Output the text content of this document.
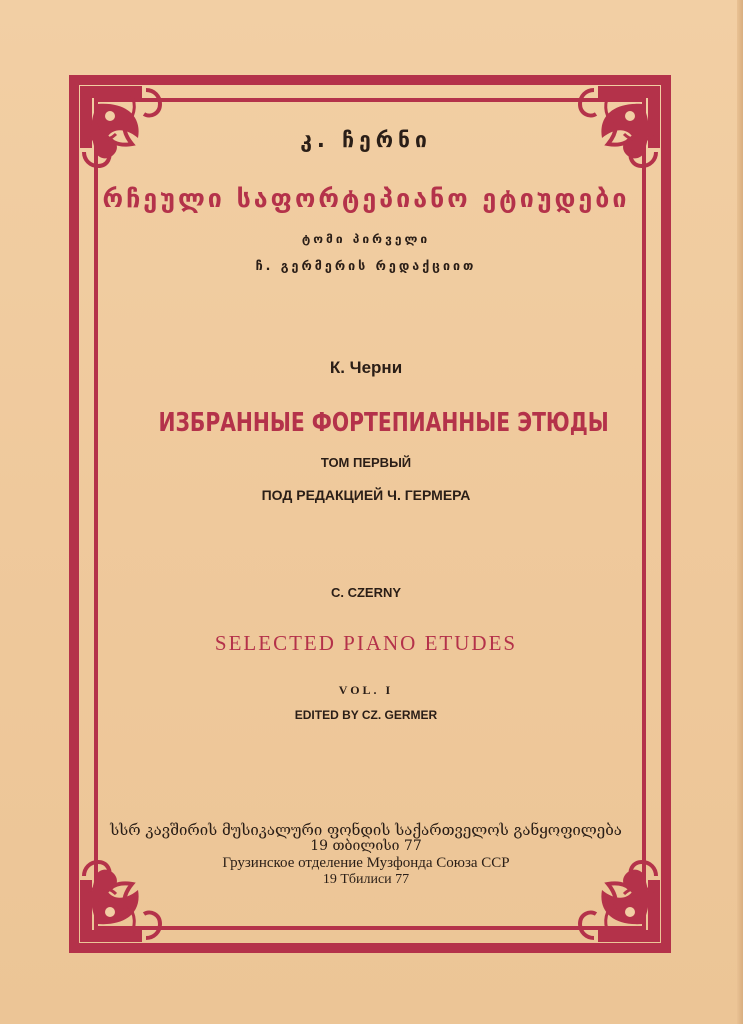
კ. ჩერნი
რჩეული საფორტეპიანო ეტიუდები
ტომი პირველი
ჩ. გერმერის რედაქციით
К. Черни
ИЗБРАННЫЕ ФОРТЕПИАННЫЕ ЭТЮДЫ
ТОМ ПЕРВЫЙ
ПОД РЕДАКЦИЕЙ Ч. ГЕРМЕРА
C. CZERNY
SELECTED PIANO ETUDES
VOL. I
EDITED BY CZ. GERMER
სსრ კავშირის მუსიკალური ფონდის საქართველოს განყოფილება
19 თბილისი 77
Грузинское отделение Музфонда Союза ССР
19 Тбилиси 77
